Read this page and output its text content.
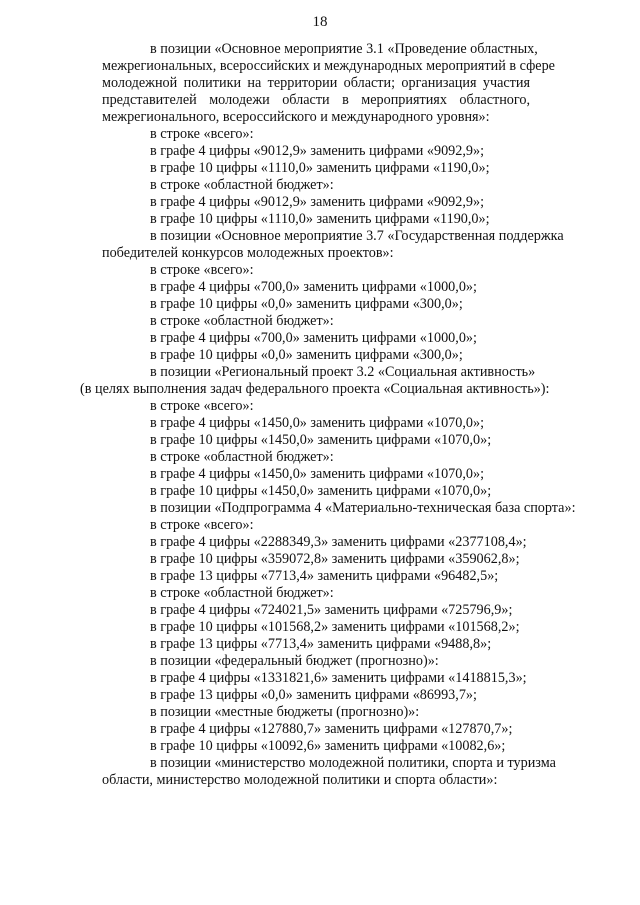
18
в позиции «Основное мероприятие 3.1 «Проведение областных,
межрегиональных, всероссийских и международных мероприятий в сфере
молодежной политики на территории области; организация участия
представителей молодежи области в мероприятиях областного,
межрегионального, всероссийского и международного уровня»:
в строке «всего»:
в графе 4 цифры «9012,9» заменить цифрами «9092,9»;
в графе 10 цифры «1110,0» заменить цифрами «1190,0»;
в строке «областной бюджет»:
в графе 4 цифры «9012,9» заменить цифрами «9092,9»;
в графе 10 цифры «1110,0» заменить цифрами «1190,0»;
в позиции «Основное мероприятие 3.7 «Государственная поддержка
победителей конкурсов молодежных проектов»:
в строке «всего»:
в графе 4 цифры «700,0» заменить цифрами «1000,0»;
в графе 10 цифры «0,0» заменить цифрами «300,0»;
в строке «областной бюджет»:
в графе 4 цифры «700,0» заменить цифрами «1000,0»;
в графе 10 цифры «0,0» заменить цифрами «300,0»;
в позиции «Региональный проект 3.2 «Социальная активность»
(в целях выполнения задач федерального проекта «Социальная активность»):
в строке «всего»:
в графе 4 цифры «1450,0» заменить цифрами «1070,0»;
в графе 10 цифры «1450,0» заменить цифрами «1070,0»;
в строке «областной бюджет»:
в графе 4 цифры «1450,0» заменить цифрами «1070,0»;
в графе 10 цифры «1450,0» заменить цифрами «1070,0»;
в позиции «Подпрограмма 4 «Материально-техническая база спорта»:
в строке «всего»:
в графе 4 цифры «2288349,3» заменить цифрами «2377108,4»;
в графе 10 цифры «359072,8» заменить цифрами «359062,8»;
в графе 13 цифры «7713,4» заменить цифрами «96482,5»;
в строке «областной бюджет»:
в графе 4 цифры «724021,5» заменить цифрами «725796,9»;
в графе 10 цифры «101568,2» заменить цифрами «101568,2»;
в графе 13 цифры «7713,4» заменить цифрами «9488,8»;
в позиции «федеральный бюджет (прогнозно)»:
в графе 4 цифры «1331821,6» заменить цифрами «1418815,3»;
в графе 13 цифры «0,0» заменить цифрами «86993,7»;
в позиции «местные бюджеты (прогнозно)»:
в графе 4 цифры «127880,7» заменить цифрами «127870,7»;
в графе 10 цифры «10092,6» заменить цифрами «10082,6»;
в позиции «министерство молодежной политики, спорта и туризма
области, министерство молодежной политики и спорта области»:
